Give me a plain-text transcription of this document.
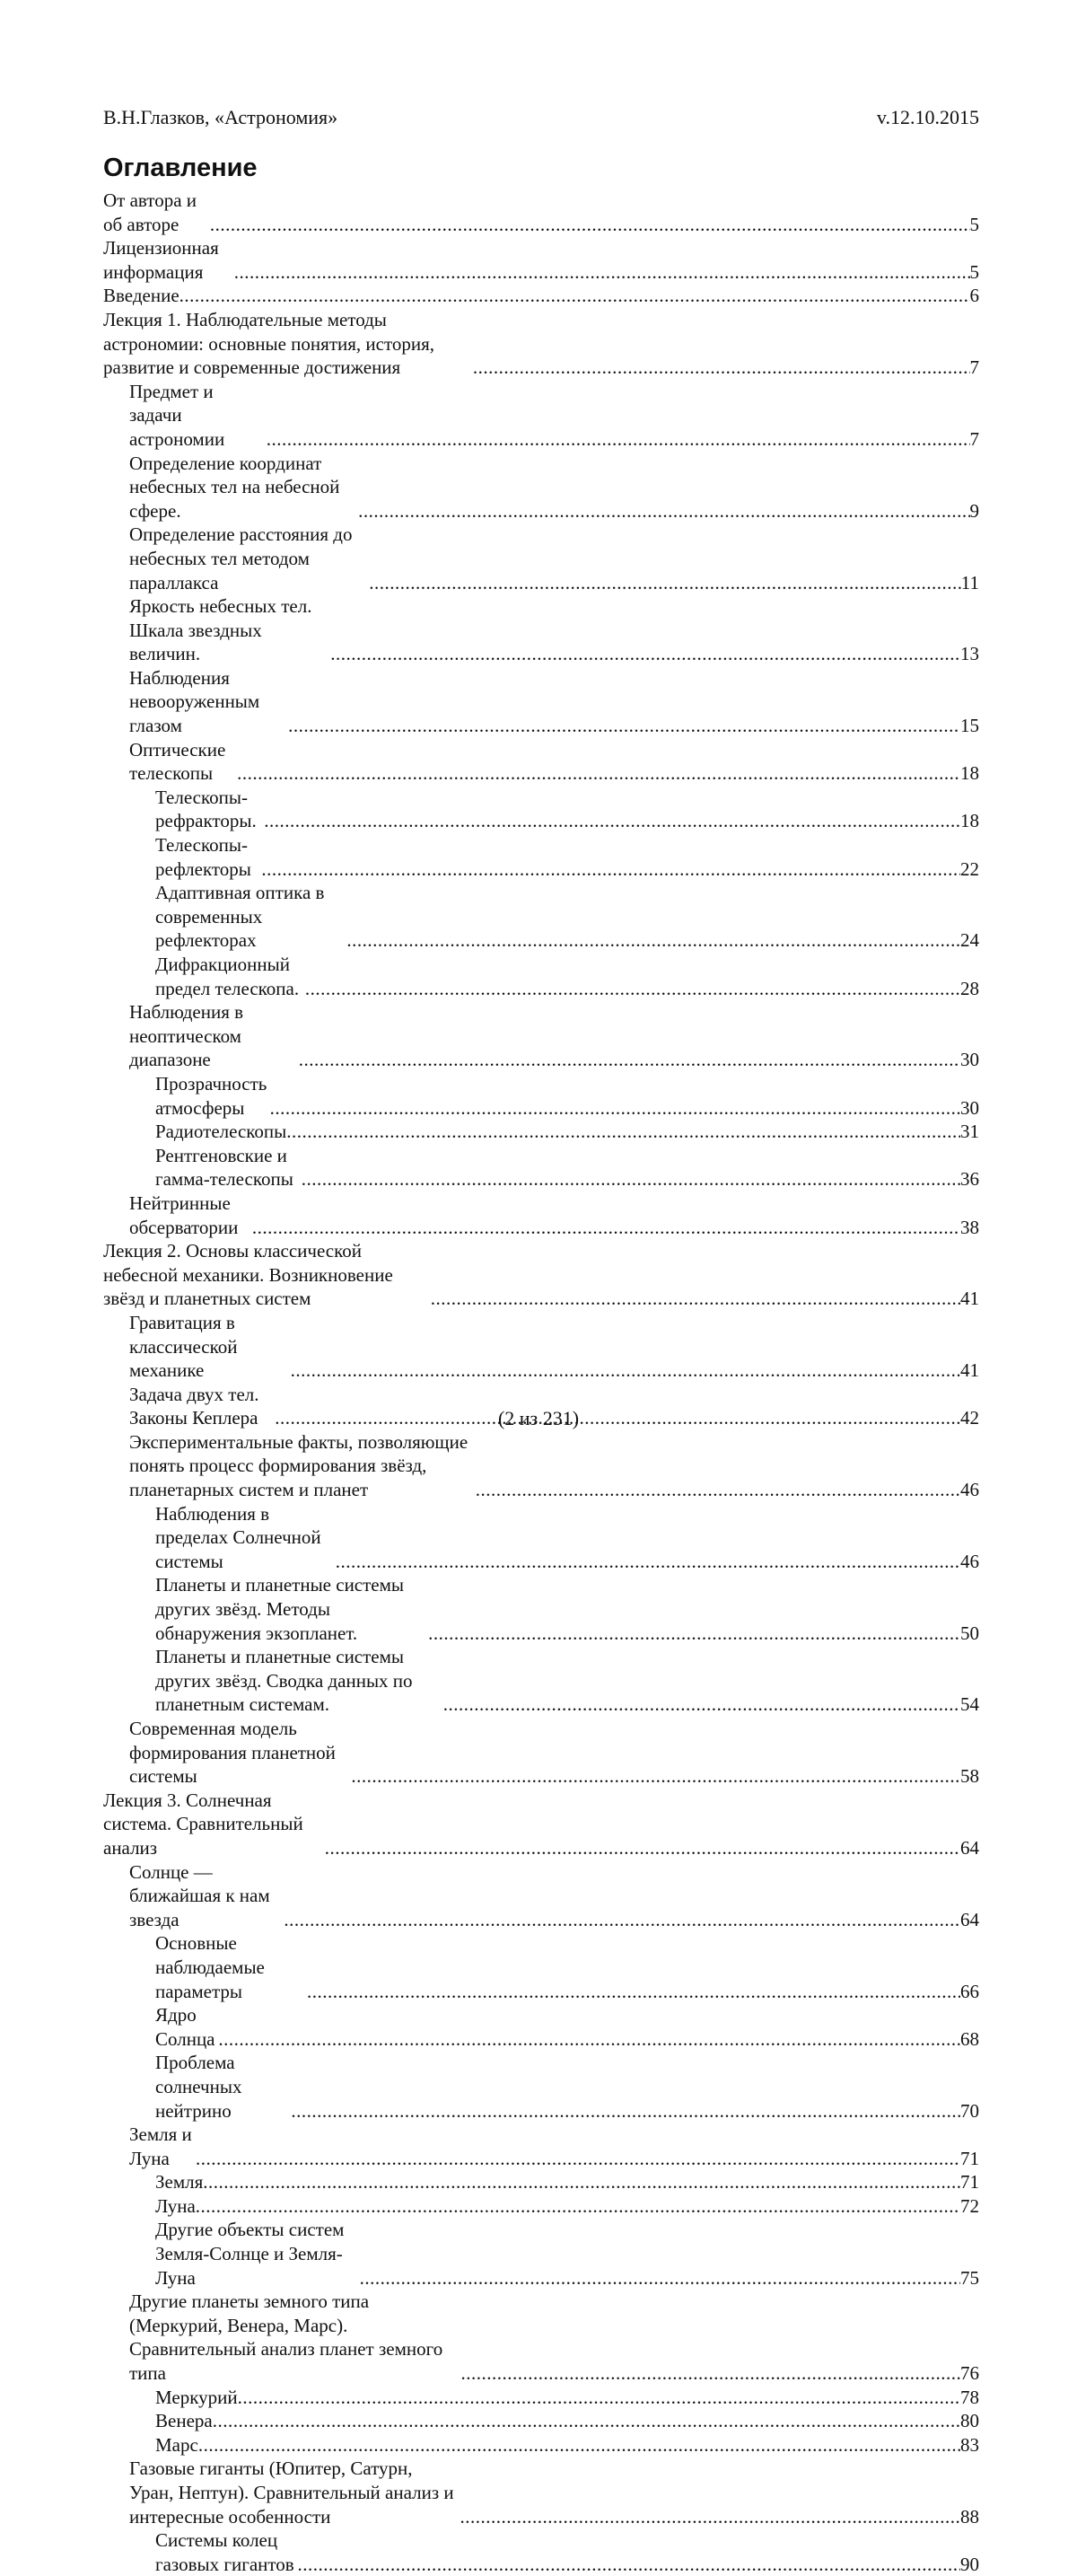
В.Н.Глазков, «Астрономия»	v.12.10.2015
Оглавление
От автора и об авторе .....	5
Лицензионная информация .....	5
Введение .....	6
Лекция 1. Наблюдательные методы астрономии: основные понятия, история, развитие и современные достижения .....	7
Предмет и задачи астрономии .....	7
Определение координат небесных тел на небесной сфере. .....	9
Определение расстояния до небесных тел методом параллакса .....	11
Яркость небесных тел. Шкала звездных величин. .....	13
Наблюдения невооруженным глазом .....	15
Оптические телескопы .....	18
Телескопы-рефракторы. .....	18
Телескопы-рефлекторы .....	22
Адаптивная оптика в современных рефлекторах .....	24
Дифракционный предел телескопа. .....	28
Наблюдения в неоптическом диапазоне .....	30
Прозрачность атмосферы .....	30
Радиотелескопы .....	31
Рентгеновские и гамма-телескопы .....	36
Нейтринные обсерватории .....	38
Лекция 2. Основы классической небесной механики. Возникновение звёзд и планетных систем .....	41
Гравитация в классической механике .....	41
Задача двух тел. Законы Кеплера .....	42
Экспериментальные факты, позволяющие понять процесс формирования звёзд, планетарных систем и планет .....	46
Наблюдения в пределах Солнечной системы .....	46
Планеты и планетные системы других звёзд. Методы обнаружения экзопланет. .....	50
Планеты и планетные системы других звёзд. Сводка данных по планетным системам. .....	54
Современная модель формирования планетной системы .....	58
Лекция 3. Солнечная система. Сравнительный анализ .....	64
Солнце — ближайшая к нам звезда .....	64
Основные наблюдаемые параметры .....	66
Ядро Солнца .....	68
Проблема солнечных нейтрино .....	70
Земля и Луна .....	71
Земля .....	71
Луна .....	72
Другие объекты систем Земля-Солнце и Земля-Луна .....	75
Другие планеты земного типа (Меркурий, Венера, Марс). Сравнительный анализ планет земного типа .....	76
Меркурий .....	78
Венера .....	80
Марс .....	83
Газовые гиганты (Юпитер, Сатурн, Уран, Нептун). Сравнительный анализ и интересные особенности .....	88
Системы колец газовых гигантов .....	90
(2 из 231)
